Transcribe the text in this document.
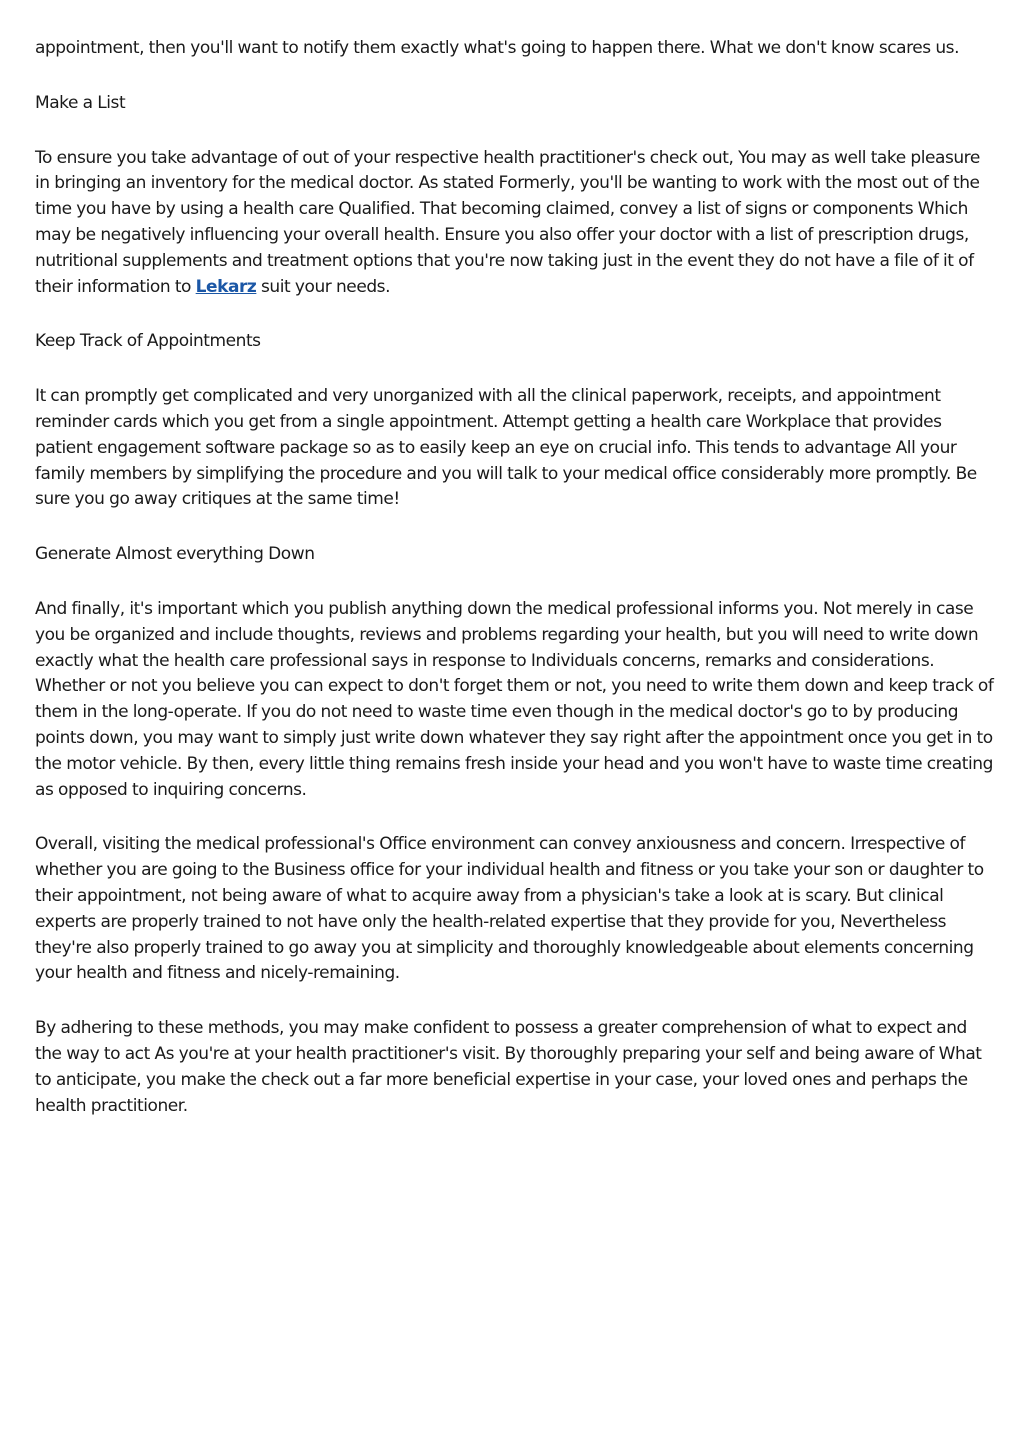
appointment, then you'll want to notify them exactly what's going to happen there. What we don't know scares us.

Make a List

To ensure you take advantage of out of your respective health practitioner's check out, You may as well take pleasure in bringing an inventory for the medical doctor. As stated Formerly, you'll be wanting to work with the most out of the time you have by using a health care Qualified. That becoming claimed, convey a list of signs or components Which may be negatively influencing your overall health. Ensure you also offer your doctor with a list of prescription drugs, nutritional supplements and treatment options that you're now taking just in the event they do not have a file of it of their information to Lekarz suit your needs.

Keep Track of Appointments

It can promptly get complicated and very unorganized with all the clinical paperwork, receipts, and appointment reminder cards which you get from a single appointment. Attempt getting a health care Workplace that provides patient engagement software package so as to easily keep an eye on crucial info. This tends to advantage All your family members by simplifying the procedure and you will talk to your medical office considerably more promptly. Be sure you go away critiques at the same time!

Generate Almost everything Down

And finally, it's important which you publish anything down the medical professional informs you. Not merely in case you be organized and include thoughts, reviews and problems regarding your health, but you will need to write down exactly what the health care professional says in response to Individuals concerns, remarks and considerations. Whether or not you believe you can expect to don't forget them or not, you need to write them down and keep track of them in the long-operate. If you do not need to waste time even though in the medical doctor's go to by producing points down, you may want to simply just write down whatever they say right after the appointment once you get in to the motor vehicle. By then, every little thing remains fresh inside your head and you won't have to waste time creating as opposed to inquiring concerns.

Overall, visiting the medical professional's Office environment can convey anxiousness and concern. Irrespective of whether you are going to the Business office for your individual health and fitness or you take your son or daughter to their appointment, not being aware of what to acquire away from a physician's take a look at is scary. But clinical experts are properly trained to not have only the health-related expertise that they provide for you, Nevertheless they're also properly trained to go away you at simplicity and thoroughly knowledgeable about elements concerning your health and fitness and nicely-remaining.

By adhering to these methods, you may make confident to possess a greater comprehension of what to expect and the way to act As you're at your health practitioner's visit. By thoroughly preparing your self and being aware of What to anticipate, you make the check out a far more beneficial expertise in your case, your loved ones and perhaps the health practitioner.
